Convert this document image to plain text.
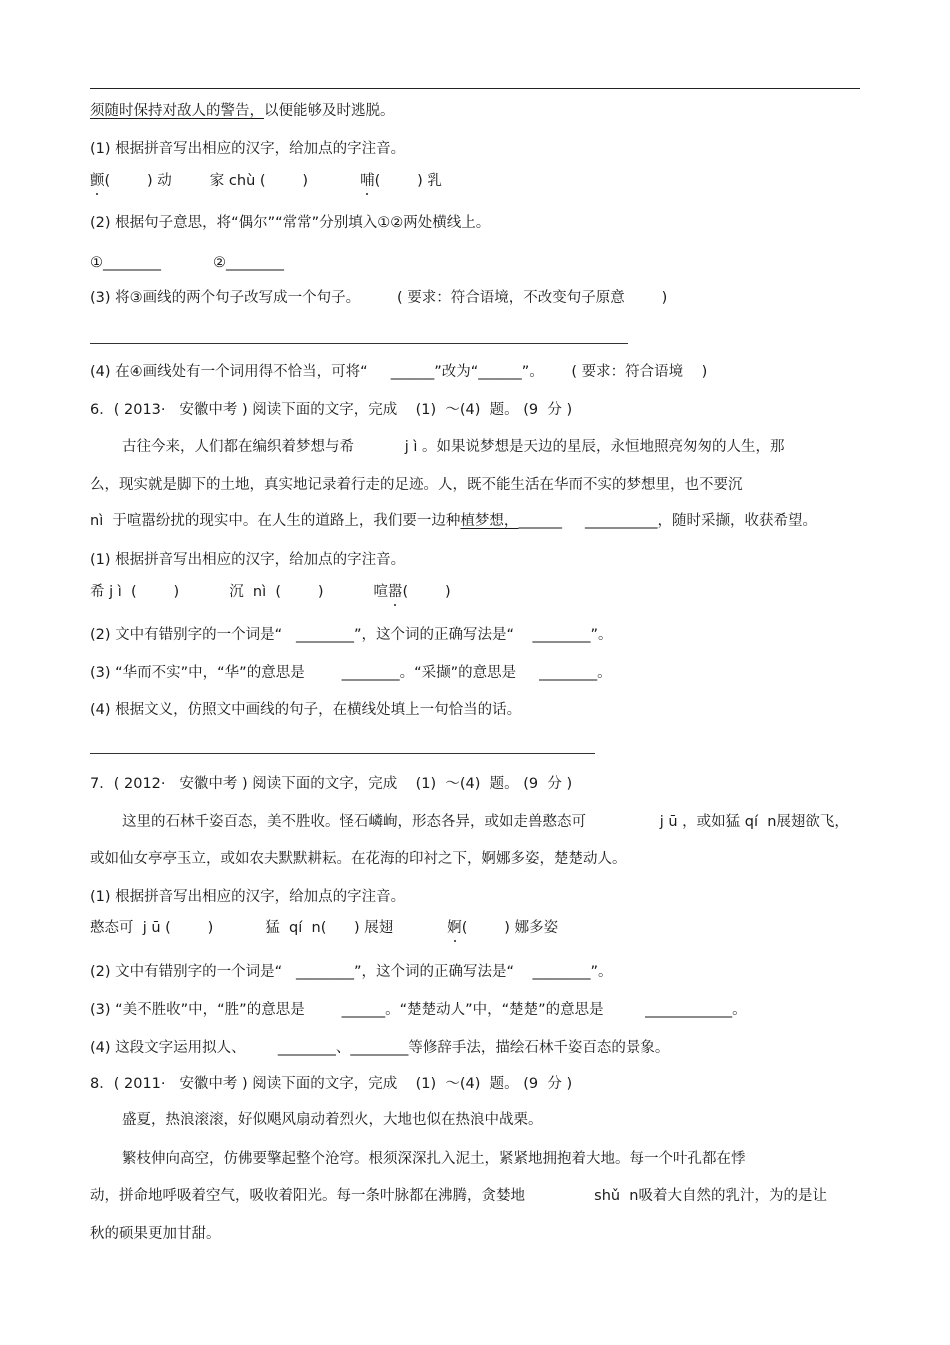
须随时保持对敌人的警告，以便能够及时逃脱。
(1) 根据拼音写出相应的汉字，给加点的字注音。
颤(        ) 动	家 chù (        )	哺(        ) 乳
(2) 根据句子意思，将“偶尔”“常常”分别填入①②两处横线上。
①________	②________
(3) 将③画线的两个句子改写成一个句子。        ( 要求：符合语境，不改变句子原意        )
(4) 在④画线处有一个词用得不恰当，可将“     ______”改为“______”。      ( 要求：符合语境    )
6．( 2013·   安徽中考 ) 阅读下面的文字，完成    (1)  ～(4)  题。 (9  分 )
古往今来，人们都在编织着梦想与希           j ì 。如果说梦想是天边的星辰，永恒地照亮匆匆的人生，那
么，现实就是脚下的土地，真实地记录着行走的足迹。人，既不能生活在华而不实的梦想里，也不要沉
nì  于喧嚣纷扰的现实中。在人生的道路上，我们要一边种植梦想，______     __________，随时采撷，收获希望。
(1) 根据拼音写出相应的汉字，给加点的字注音。
希 j ì  (        )	沉  nì  (        )	喧嚣(        )
(2) 文中有错别字的一个词是“   ________”，这个词的正确写法是“    ________”。
(3) “华而不实”中，“华”的意思是        ________。“采撷”的意思是     ________。
(4) 根据文义，仿照文中画线的句子，在横线处填上一句恰当的话。
7．( 2012·   安徽中考 ) 阅读下面的文字，完成    (1)  ～(4)  题。 (9  分 )
这里的石林千姿百态，美不胜收。怪石嶙峋，形态各异，或如走兽憨态可                j ū ，或如猛 qí  n展翅欲飞，
或如仙女亭亭玉立，或如农夫默默耕耘。在花海的印衬之下，婀娜多姿，楚楚动人。
(1) 根据拼音写出相应的汉字，给加点的字注音。
憨态可  j ū (        )	猛  qí  n(      ) 展翅	婀(        ) 娜多姿
(2) 文中有错别字的一个词是“   ________”，这个词的正确写法是“    ________”。
(3) “美不胜收”中，“胜”的意思是        ______。“楚楚动人”中，“楚楚”的意思是         ____________。
(4) 这段文字运用拟人、       ________、________等修辞手法，描绘石林千姿百态的景象。
8．( 2011·   安徽中考 ) 阅读下面的文字，完成    (1)  ～(4)  题。 (9  分 )
盛夏，热浪滚滚，好似飓风扇动着烈火，大地也似在热浪中战栗。
繁枝伸向高空，仿佛要擎起整个沧穹。根须深深扎入泥土，紧紧地拥抱着大地。每一个叶孔都在悸
动，拼命地呼吸着空气，吸收着阳光。每一条叶脉都在沸腾，贪婪地               shǔ  n吸着大自然的乳汁，为的是让
秋的硕果更加甘甜。
